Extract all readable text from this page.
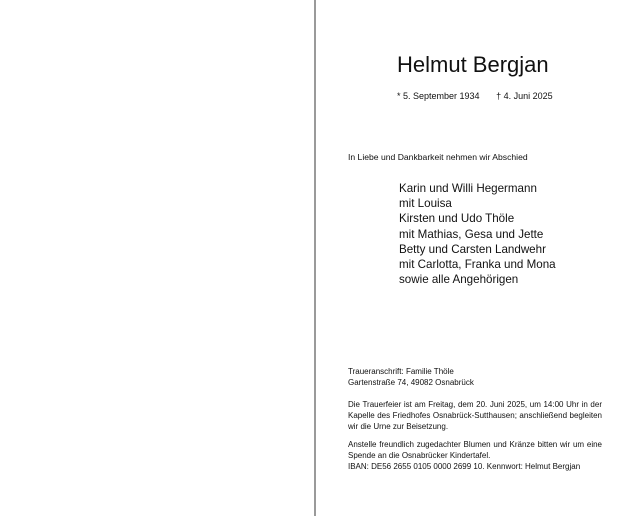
Helmut Bergjan
* 5. September 1934 † 4. Juni 2025
In Liebe und Dankbarkeit nehmen wir Abschied
Karin und Willi Hegermann
mit Louisa
Kirsten und Udo Thöle
mit Mathias, Gesa und Jette
Betty und Carsten Landwehr
mit Carlotta, Franka und Mona
sowie alle Angehörigen
Traueranschrift: Familie Thöle
Gartenstraße 74, 49082 Osnabrück
Die Trauerfeier ist am Freitag, dem 20. Juni 2025, um 14:00 Uhr in der Kapelle des Friedhofes Osnabrück-Sutthausen; anschließend begleiten wir die Urne zur Beisetzung.
Anstelle freundlich zugedachter Blumen und Kränze bitten wir um eine Spende an die Osnabrücker Kindertafel.
IBAN: DE56 2655 0105 0000 2699 10. Kennwort: Helmut Bergjan
